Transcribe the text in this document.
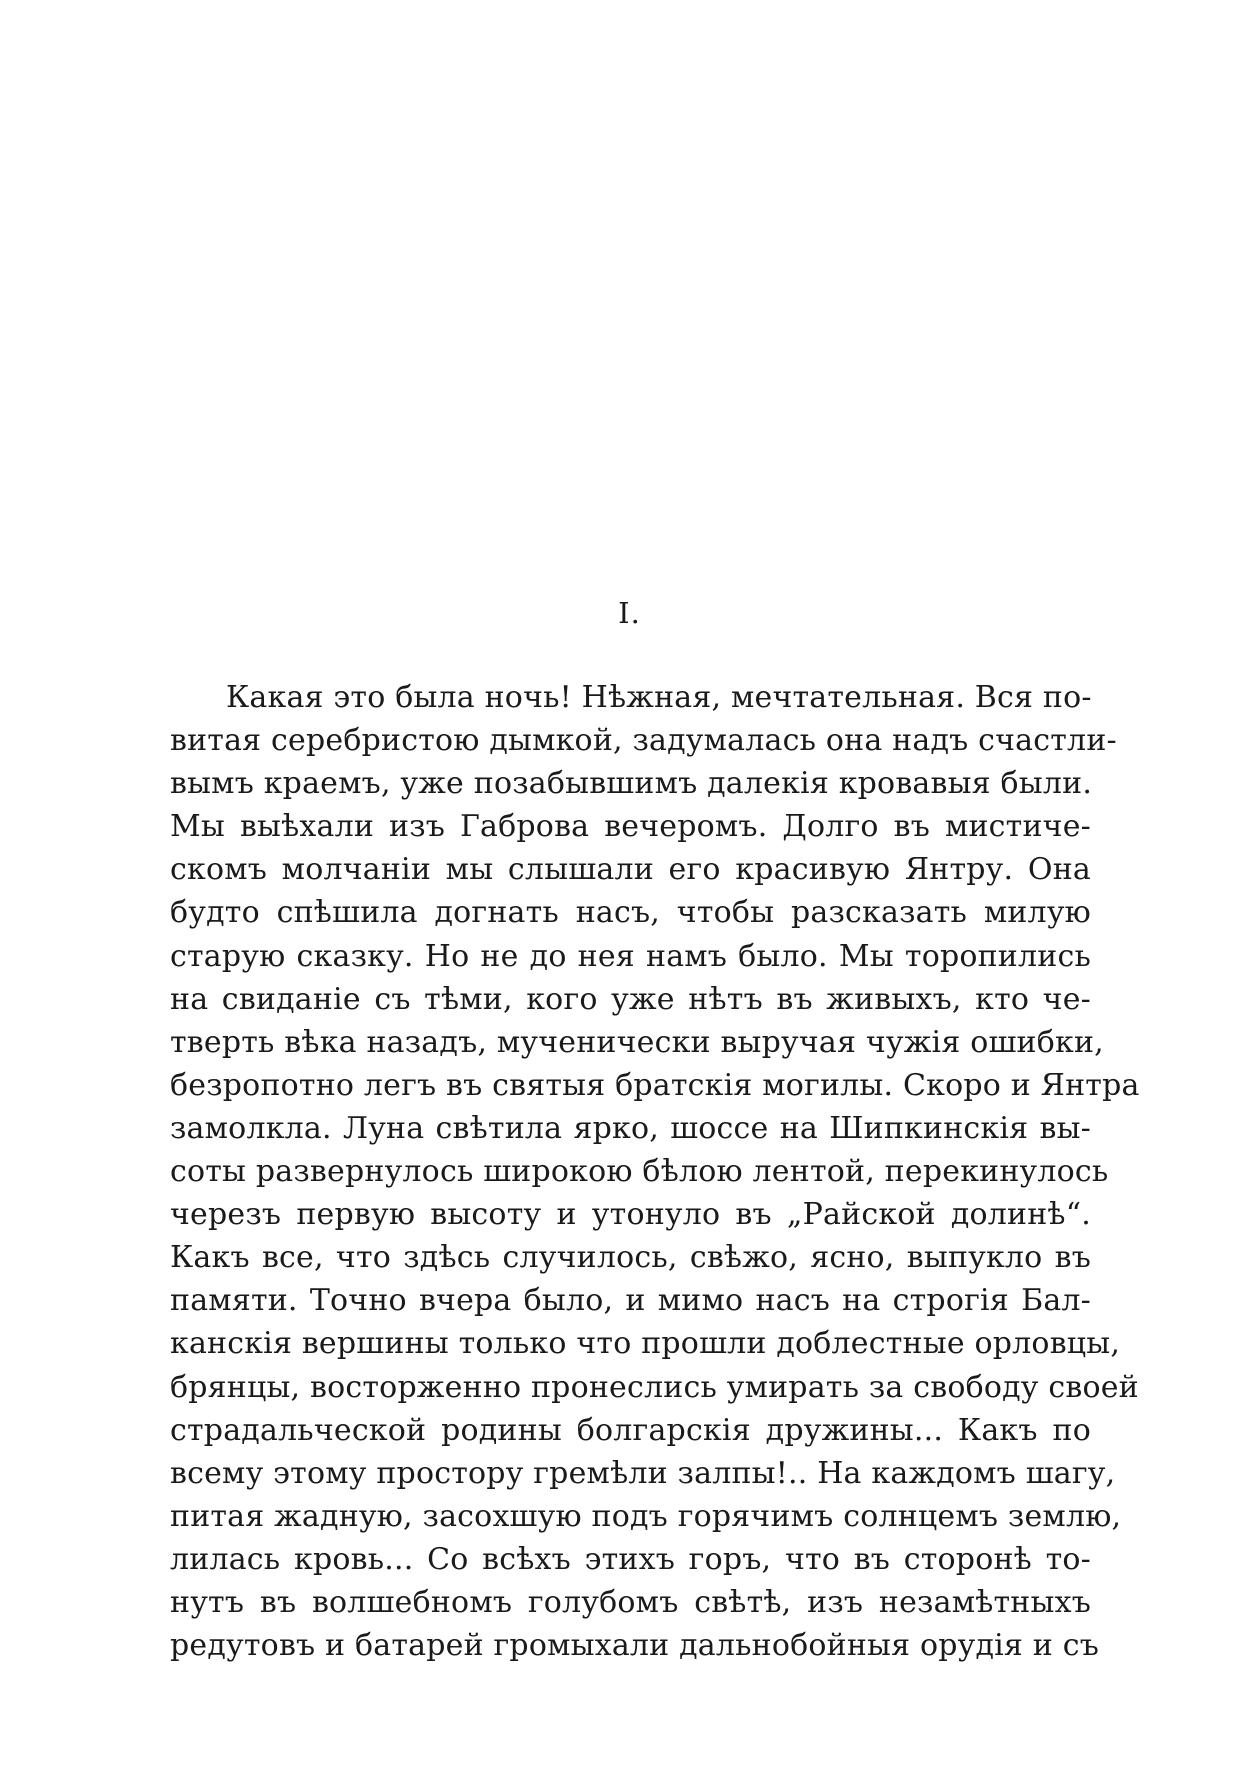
I.
Какая это была ночь! Нѣжная, мечтательная. Вся по-
витая серебристою дымкой, задумалась она надъ счастли-
вымъ краемъ, уже позабывшимъ далекія кровавыя были.
Мы выѣхали изъ Габрова вечеромъ. Долго въ мистиче-
скомъ молчаніи мы слышали его красивую Янтру. Она
будто спѣшила догнать насъ, чтобы разсказать милую
старую сказку. Но не до нея намъ было. Мы торопились
на свиданіе съ тѣми, кого уже нѣтъ въ живыхъ, кто че-
тверть вѣка назадъ, мученически выручая чужія ошибки,
безропотно легъ въ святыя братскія могилы. Скоро и Янтра
замолкла. Луна свѣтила ярко, шоссе на Шипкинскія вы-
соты развернулось широкою бѣлою лентой, перекинулось
черезъ первую высоту и утонуло въ „Райской долинѣ“.
Какъ все, что здѣсь случилось, свѣжо, ясно, выпукло въ
памяти. Точно вчера было, и мимо насъ на строгія Бал-
канскія вершины только что прошли доблестные орловцы,
брянцы, восторженно пронеслись умирать за свободу своей
страдальческой родины болгарскія дружины... Какъ по
всему этому простору гремѣли залпы!.. На каждомъ шагу,
питая жадную, засохшую подъ горячимъ солнцемъ землю,
лилась кровь... Со всѣхъ этихъ горъ, что въ сторонѣ то-
нутъ въ волшебномъ голубомъ свѣтѣ, изъ незамѣтныхъ
редутовъ и батарей громыхали дальнобойныя орудія и съ
